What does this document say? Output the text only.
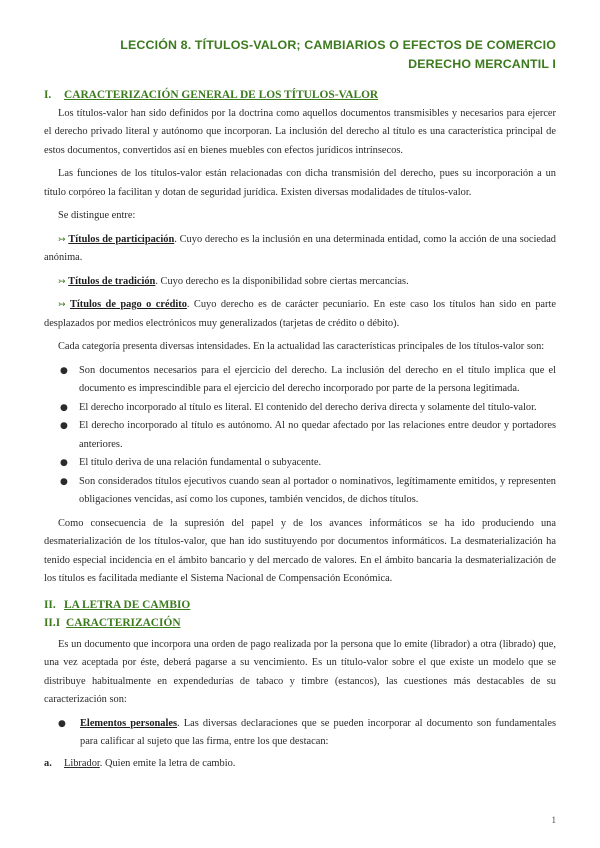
LECCIÓN 8. TÍTULOS-VALOR; CAMBIARIOS O EFECTOS DE COMERCIO
DERECHO MERCANTIL I

I. CARACTERIZACIÓN GENERAL DE LOS TÍTULOS-VALOR

Los títulos-valor han sido definidos por la doctrina como aquellos documentos transmisibles y necesarios para ejercer el derecho privado literal y autónomo que incorporan. La inclusión del derecho al título es una característica principal de estos documentos, convertidos así en bienes muebles con efectos jurídicos intrínsecos.

Las funciones de los títulos-valor están relacionadas con dicha transmisión del derecho, pues su incorporación a un título corpóreo la facilitan y dotan de seguridad jurídica. Existen diversas modalidades de títulos-valor.

Se distingue entre:

↣ Títulos de participación. Cuyo derecho es la inclusión en una determinada entidad, como la acción de una sociedad anónima.

↣ Títulos de tradición. Cuyo derecho es la disponibilidad sobre ciertas mercancías.

↣ Títulos de pago o crédito. Cuyo derecho es de carácter pecuniario. En este caso los títulos han sido en parte desplazados por medios electrónicos muy generalizados (tarjetas de crédito o débito).

Cada categoría presenta diversas intensidades. En la actualidad las características principales de los títulos-valor son:

● Son documentos necesarios para el ejercicio del derecho. La inclusión del derecho en el título implica que el documento es imprescindible para el ejercicio del derecho incorporado por parte de la persona legitimada.
● El derecho incorporado al título es literal. El contenido del derecho deriva directa y solamente del título-valor.
● El derecho incorporado al título es autónomo. Al no quedar afectado por las relaciones entre deudor y portadores anteriores.
● El título deriva de una relación fundamental o subyacente.
● Son considerados títulos ejecutivos cuando sean al portador o nominativos, legítimamente emitidos, y representen obligaciones vencidas, así como los cupones, también vencidos, de dichos títulos.

Como consecuencia de la supresión del papel y de los avances informáticos se ha ido produciendo una desmaterialización de los títulos-valor, que han ido sustituyendo por documentos informáticos. La desmaterialización ha tenido especial incidencia en el ámbito bancario y del mercado de valores. En el ámbito bancaria la desmaterialización de los títulos es facilitada mediante el Sistema Nacional de Compensación Económica.

II. LA LETRA DE CAMBIO

II.I CARACTERIZACIÓN

Es un documento que incorpora una orden de pago realizada por la persona que lo emite (librador) a otra (librado) que, una vez aceptada por éste, deberá pagarse a su vencimiento. Es un título-valor sobre el que existe un modelo que se distribuye habitualmente en expendedurías de tabaco y timbre (estancos), las cuestiones más destacables de su caracterización son:

● Elementos personales. Las diversas declaraciones que se pueden incorporar al documento son fundamentales para calificar al sujeto que las firma, entre los que destacan:

a. Librador. Quien emite la letra de cambio.

1
